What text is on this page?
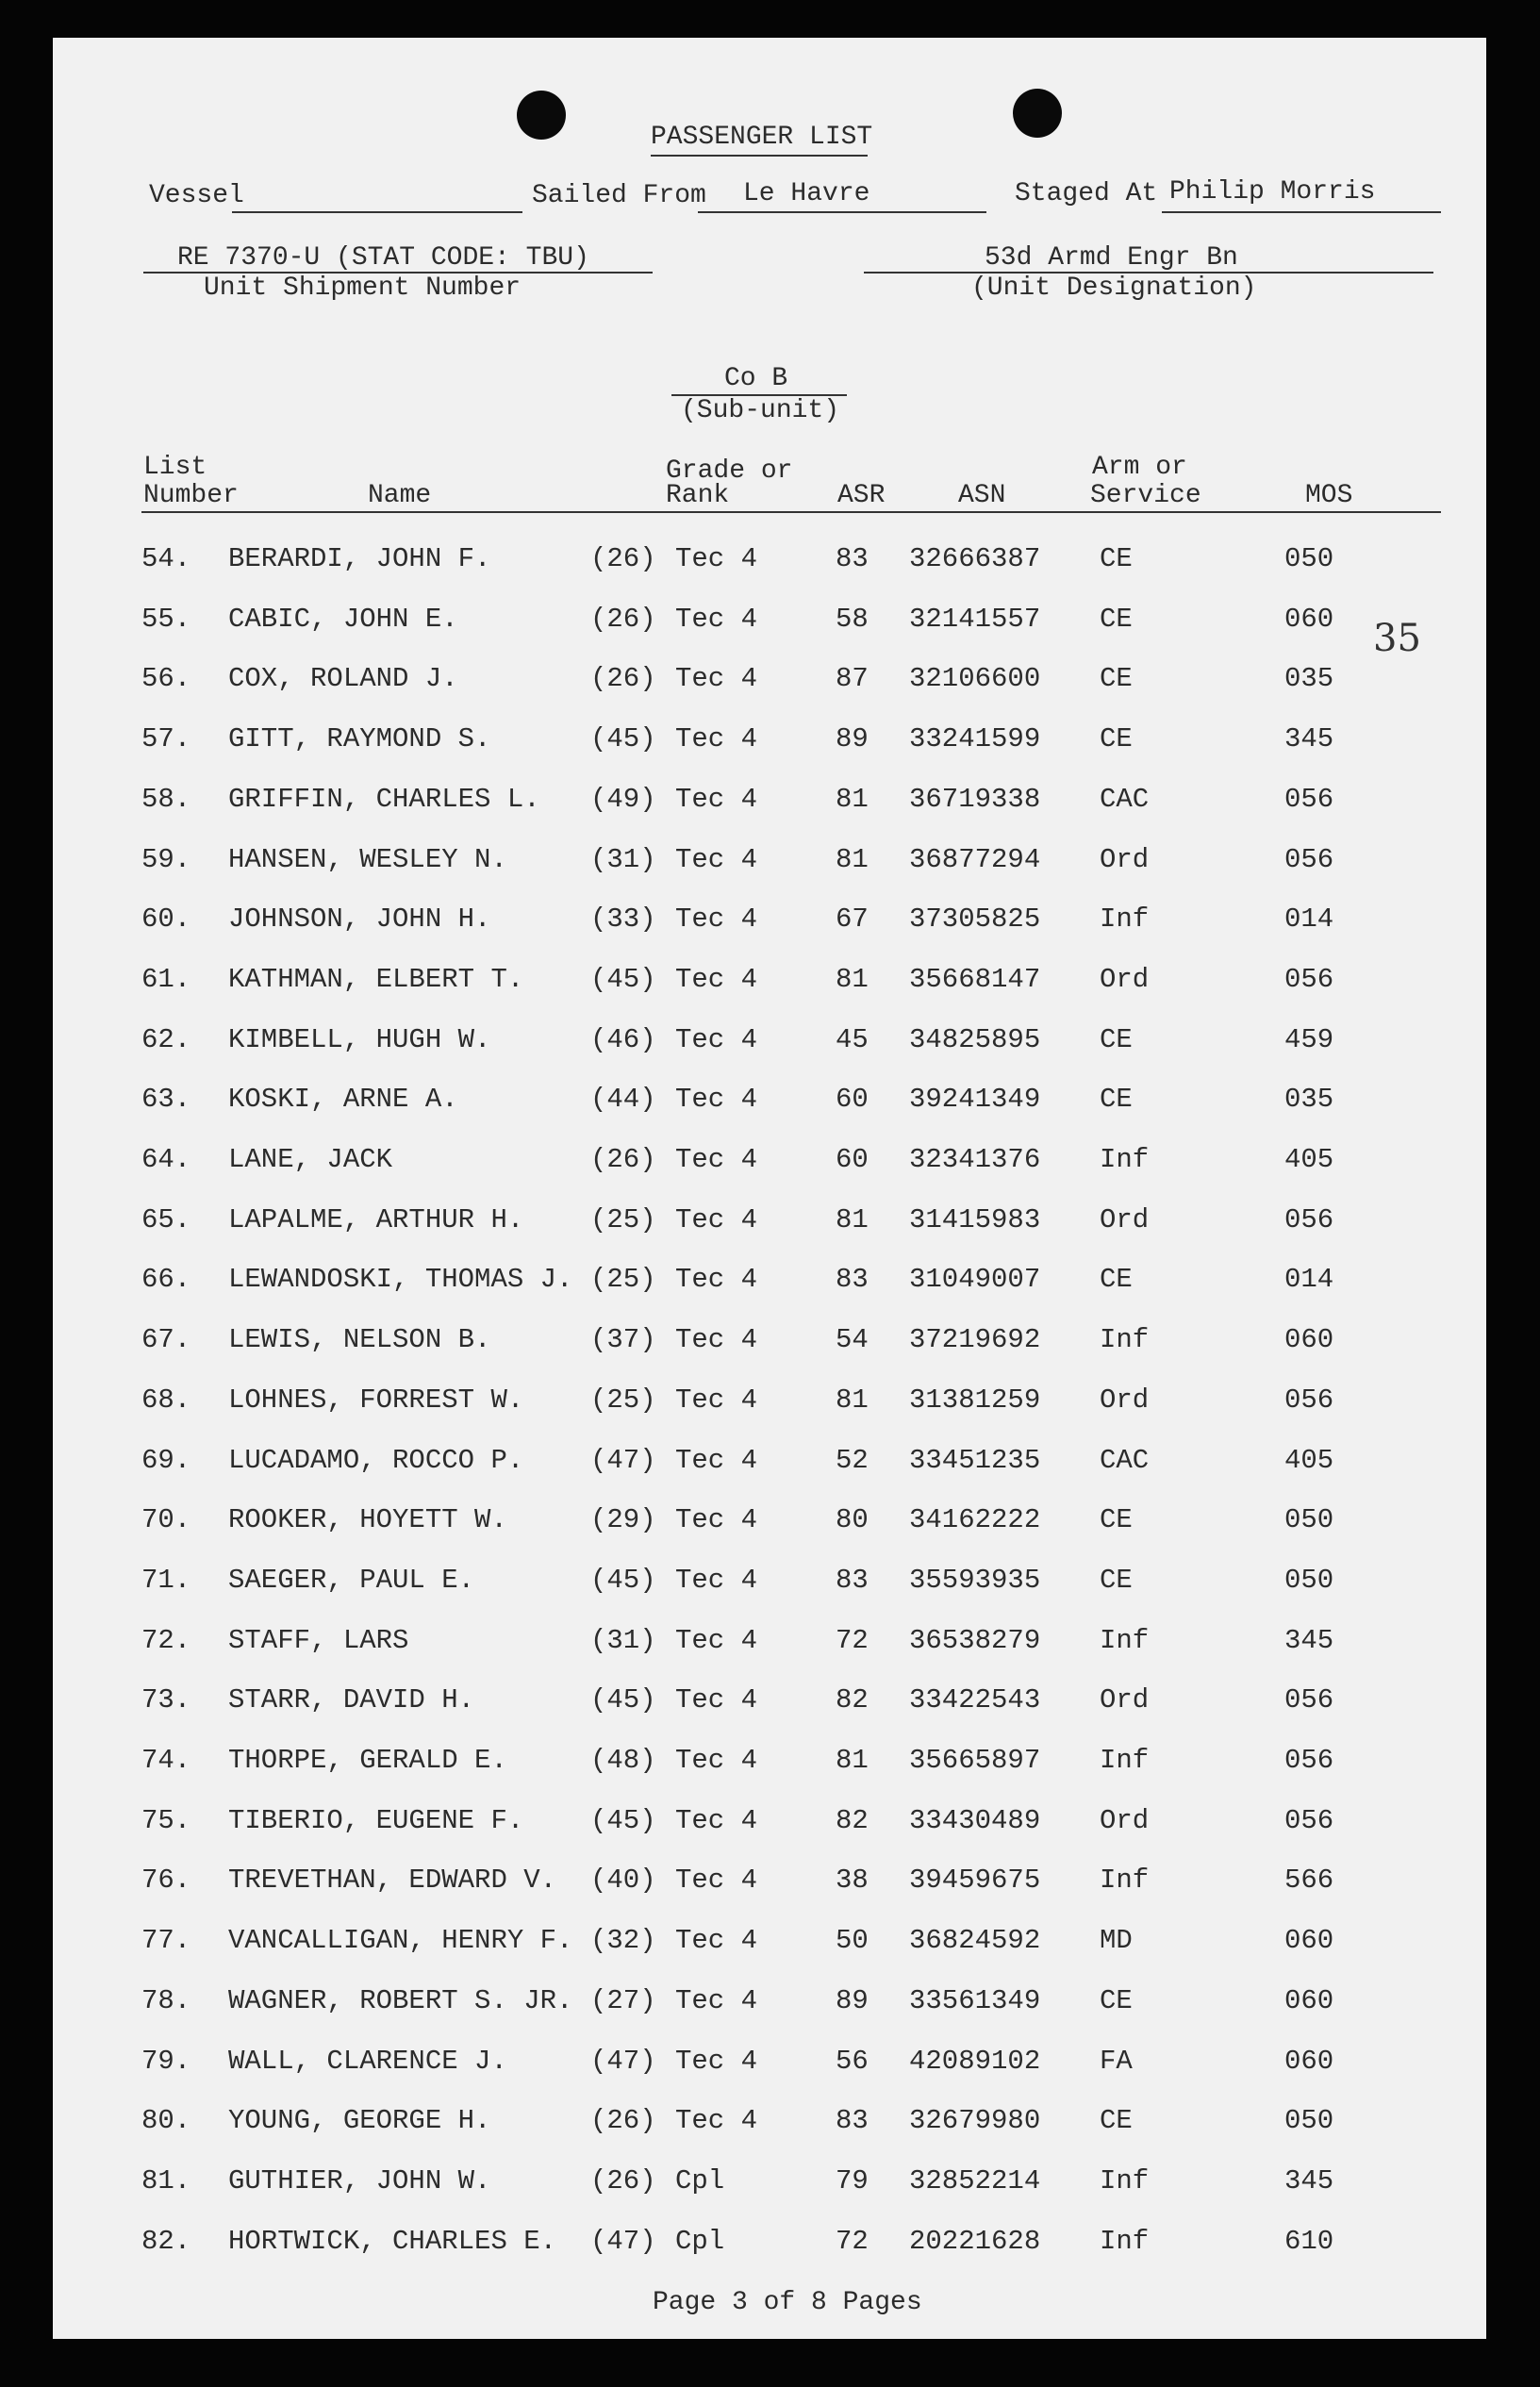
PASSENGER LIST
Vessel	Sailed From Le Havre	Staged At Philip Morris
RE 7370-U (STAT CODE: TBU)
Unit Shipment Number
53d Armd Engr Bn
(Unit Designation)
Co B
(Sub-unit)
List
Number	Name
Grade or
Rank	ASR	ASN
Arm or
Service	MOS
54. BERARDI, JOHN F.	(26) Tec 4	83 32666387 CE	050
55. CABIC, JOHN E.	(26) Tec 4	58 32141557 CE	060
56. COX, ROLAND J.	(26) Tec 4	87 32106600 CE	035
57. GITT, RAYMOND S.	(45) Tec 4	89 33241599 CE	345
58. GRIFFIN, CHARLES L. (49) Tec 4	81 36719338 CAC	056
59. HANSEN, WESLEY N.	(31) Tec 4	81 36877294 Ord	056
60. JOHNSON, JOHN H.	(33) Tec 4	67 37305825 Inf	014
61. KATHMAN, ELBERT T. (45) Tec 4	81 35668147 Ord	056
62. KIMBELL, HUGH W.	(46) Tec 4	45 34825895 CE	459
63. KOSKI, ARNE A.	(44) Tec 4	60 39241349 CE	035
64. LANE, JACK	(26) Tec 4	60 32341376 Inf	405
65. LAPALME, ARTHUR H. (25) Tec 4	81 31415983 Ord	056
66. LEWANDOSKI, THOMAS J. (25) Tec 4	83 31049007 CE	014
67. LEWIS, NELSON B.	(37) Tec 4	54 37219692 Inf	060
68. LOHNES, FORREST W. (25) Tec 4	81 31381259 Ord	056
69. LUCADAMO, ROCCO P. (47) Tec 4	52 33451235 CAC	405
70. ROOKER, HOYETT W.	(29) Tec 4	80 34162222 CE	050
71. SAEGER, PAUL E.	(45) Tec 4	83 35593935 CE	050
72. STAFF, LARS	(31) Tec 4	72 36538279 Inf	345
73. STARR, DAVID H.	(45) Tec 4	82 33422543 Ord	056
74. THORPE, GERALD E.	(48) Tec 4	81 35665897 Inf	056
75. TIBERIO, EUGENE F. (45) Tec 4	82 33430489 Ord	056
76. TREVETHAN, EDWARD V. (40) Tec 4	38 39459675 Inf	566
77. VANCALLIGAN, HENRY F. (32) Tec 4	50 36824592 MD	060
78. WAGNER, ROBERT S. JR. (27) Tec 4	89 33561349 CE	060
79. WALL, CLARENCE J.	(47) Tec 4	56 42089102 FA	060
80. YOUNG, GEORGE H.	(26) Tec 4	83 32679980 CE	050
81. GUTHIER, JOHN W.	(26) Cpl	79 32852214 Inf	345
82. HORTWICK, CHARLES E. (47) Cpl	72 20221628 Inf	610
35
Page 3 of 8 Pages
